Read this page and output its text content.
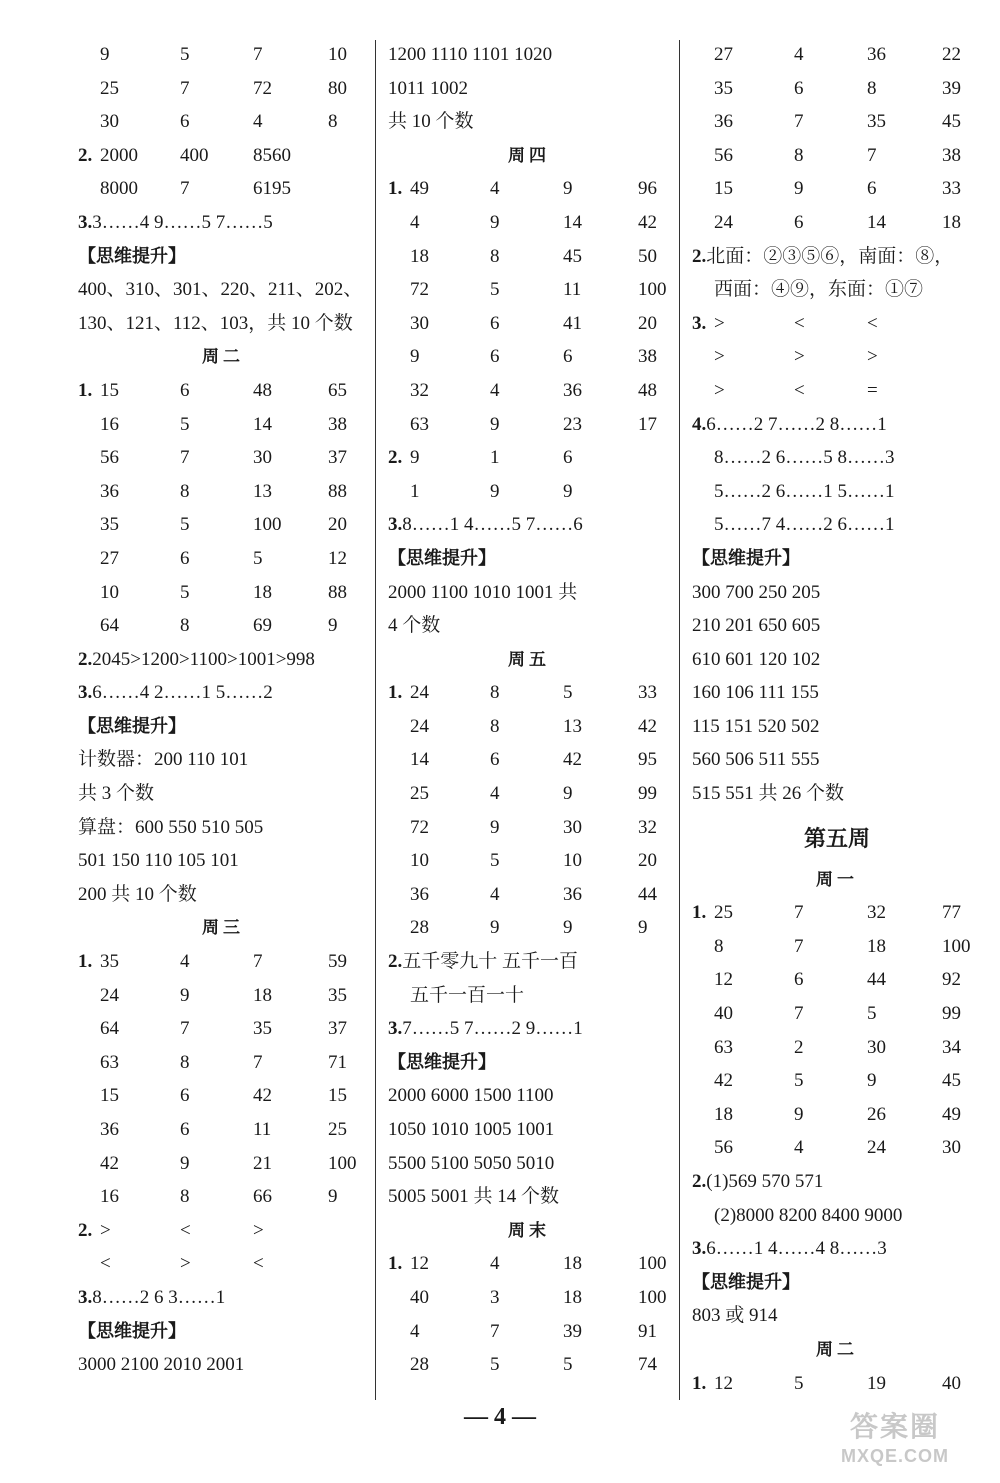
9	5	7	10
25	7	72	80
30	6	4	8
2. 2000	400	8560
8000	7	6195
3.3……4 9……5 7……5
【思维提升】
400、310、301、220、211、202、
130、121、112、103，共 10 个数
周二
1. 15	6	48	65
16	5	14	38
56	7	30	37
36	8	13	88
35	5	100	20
27	6	5	12
10	5	18	88
64	8	69	9
2.2045>1200>1100>1001>998
3.6……4 2……1 5……2
【思维提升】
计数器：200 110 101
共 3 个数
算盘：600 550 510 505
501 150 110 105 101
200 共 10 个数
周三
1. 35	4	7	59
24	9	18	35
64	7	35	37
63	8	7	71
15	6	42	15
36	6	11	25
42	9	21	100
16	8	66	9
2. >	<	>
<	>	<
3.8……2 6 3……1
【思维提升】
3000 2100 2010 2001
1200 1110 1101 1020
1011 1002
共 10 个数
周四
1. 49	4	9	96
4	9	14	42
18	8	45	50
72	5	11	100
30	6	41	20
9	6	6	38
32	4	36	48
63	9	23	17
2. 9	1	6
1	9	9
3.8……1 4……5 7……6
【思维提升】
2000 1100 1010 1001 共
4 个数
周五
1. 24	8	5	33
24	8	13	42
14	6	42	95
25	4	9	99
72	9	30	32
10	5	10	20
36	4	36	44
28	9	9	9
2.五千零九十 五千一百
五千一百一十
3.7……5 7……2 9……1
【思维提升】
2000 6000 1500 1100
1050 1010 1005 1001
5500 5100 5050 5010
5005 5001 共 14 个数
周末
1. 12	4	18	100
40	3	18	100
4	7	39	91
28	5	5	74
27	4	36	22
35	6	8	39
36	7	35	45
56	8	7	38
15	9	6	33
24	6	14	18
2.北面：②③⑤⑥，南面：⑧，
西面：④⑨，东面：①⑦
3. >	<	<
>	>	>
>	<	=
4.6……2 7……2 8……1
8……2 6……5 8……3
5……2 6……1 5……1
5……7 4……2 6……1
【思维提升】
300 700 250 205
210 201 650 605
610 601 120 102
160 106 111 155
115 151 520 502
560 506 511 555
515 551 共 26 个数
第五周
周一
1. 25	7	32	77
8	7	18	100
12	6	44	92
40	7	5	99
63	2	30	34
42	5	9	45
18	9	26	49
56	4	24	30
2.(1)569 570 571
(2)8000 8200 8400 9000
3.6……1 4……4 8……3
【思维提升】
803 或 914
周二
1. 12	5	19	40
— 4 —	答案圈
MXQE.COM
